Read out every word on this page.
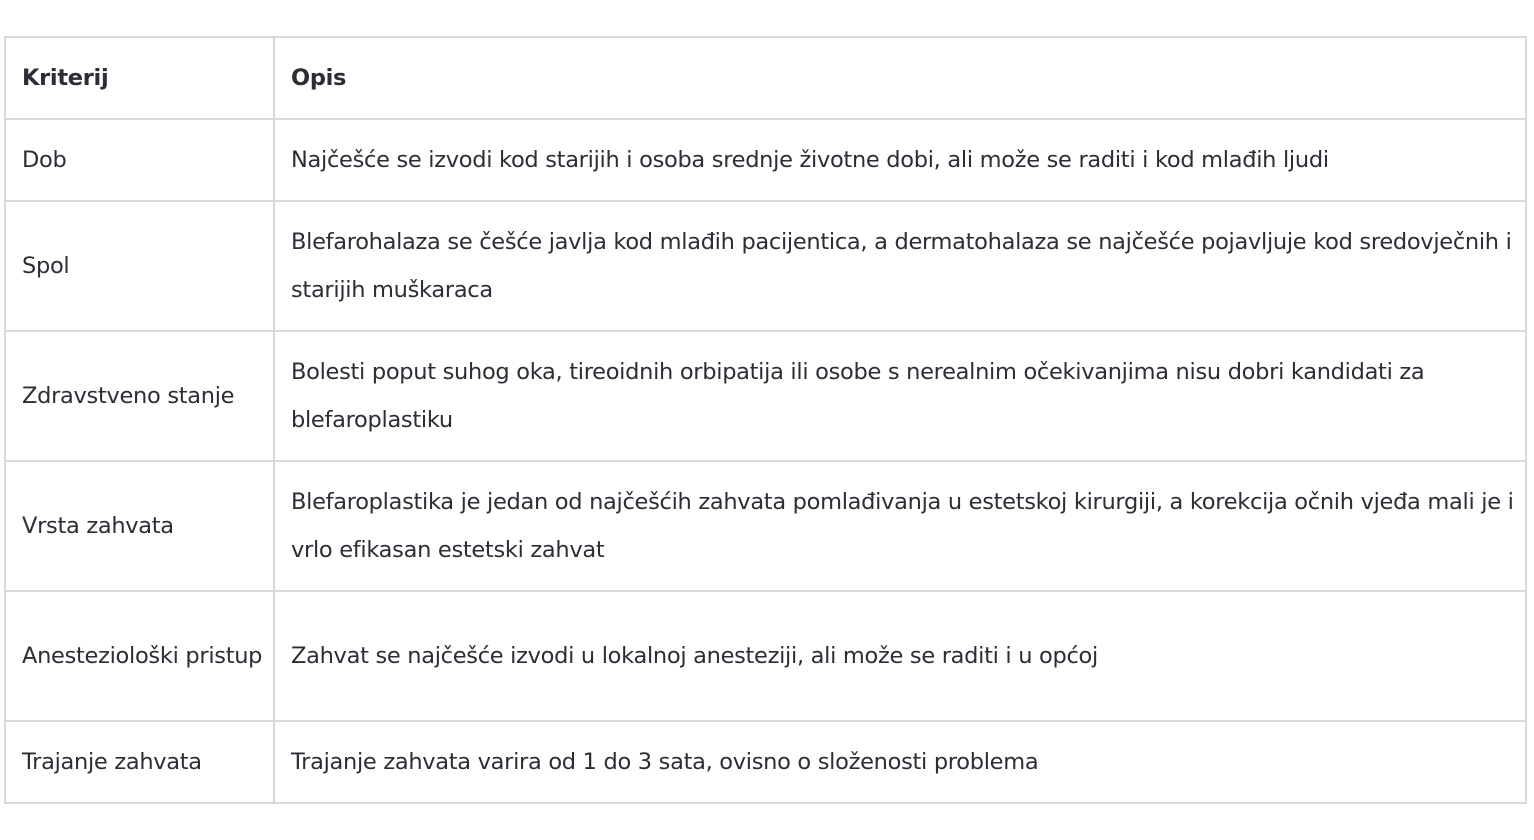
Kriterij	Opis
Dob	Najčešće se izvodi kod starijih i osoba srednje životne dobi, ali može se raditi i kod mlađih ljudi
Spol	Blefarohalaza se češće javlja kod mlađih pacijentica, a dermatohalaza se najčešće pojavljuje kod sredovječnih i starijih muškaraca
Zdravstveno stanje	Bolesti poput suhog oka, tireoidnih orbipatija ili osobe s nerealnim očekivanjima nisu dobri kandidati za blefaroplastiku
Vrsta zahvata	Blefaroplastika je jedan od najčešćih zahvata pomlađivanja u estetskoj kirurgiji, a korekcija očnih vjeđa mali je i vrlo efikasan estetski zahvat
Anesteziološki pristup	Zahvat se najčešće izvodi u lokalnoj anesteziji, ali može se raditi i u općoj
Trajanje zahvata	Trajanje zahvata varira od 1 do 3 sata, ovisno o složenosti problema
